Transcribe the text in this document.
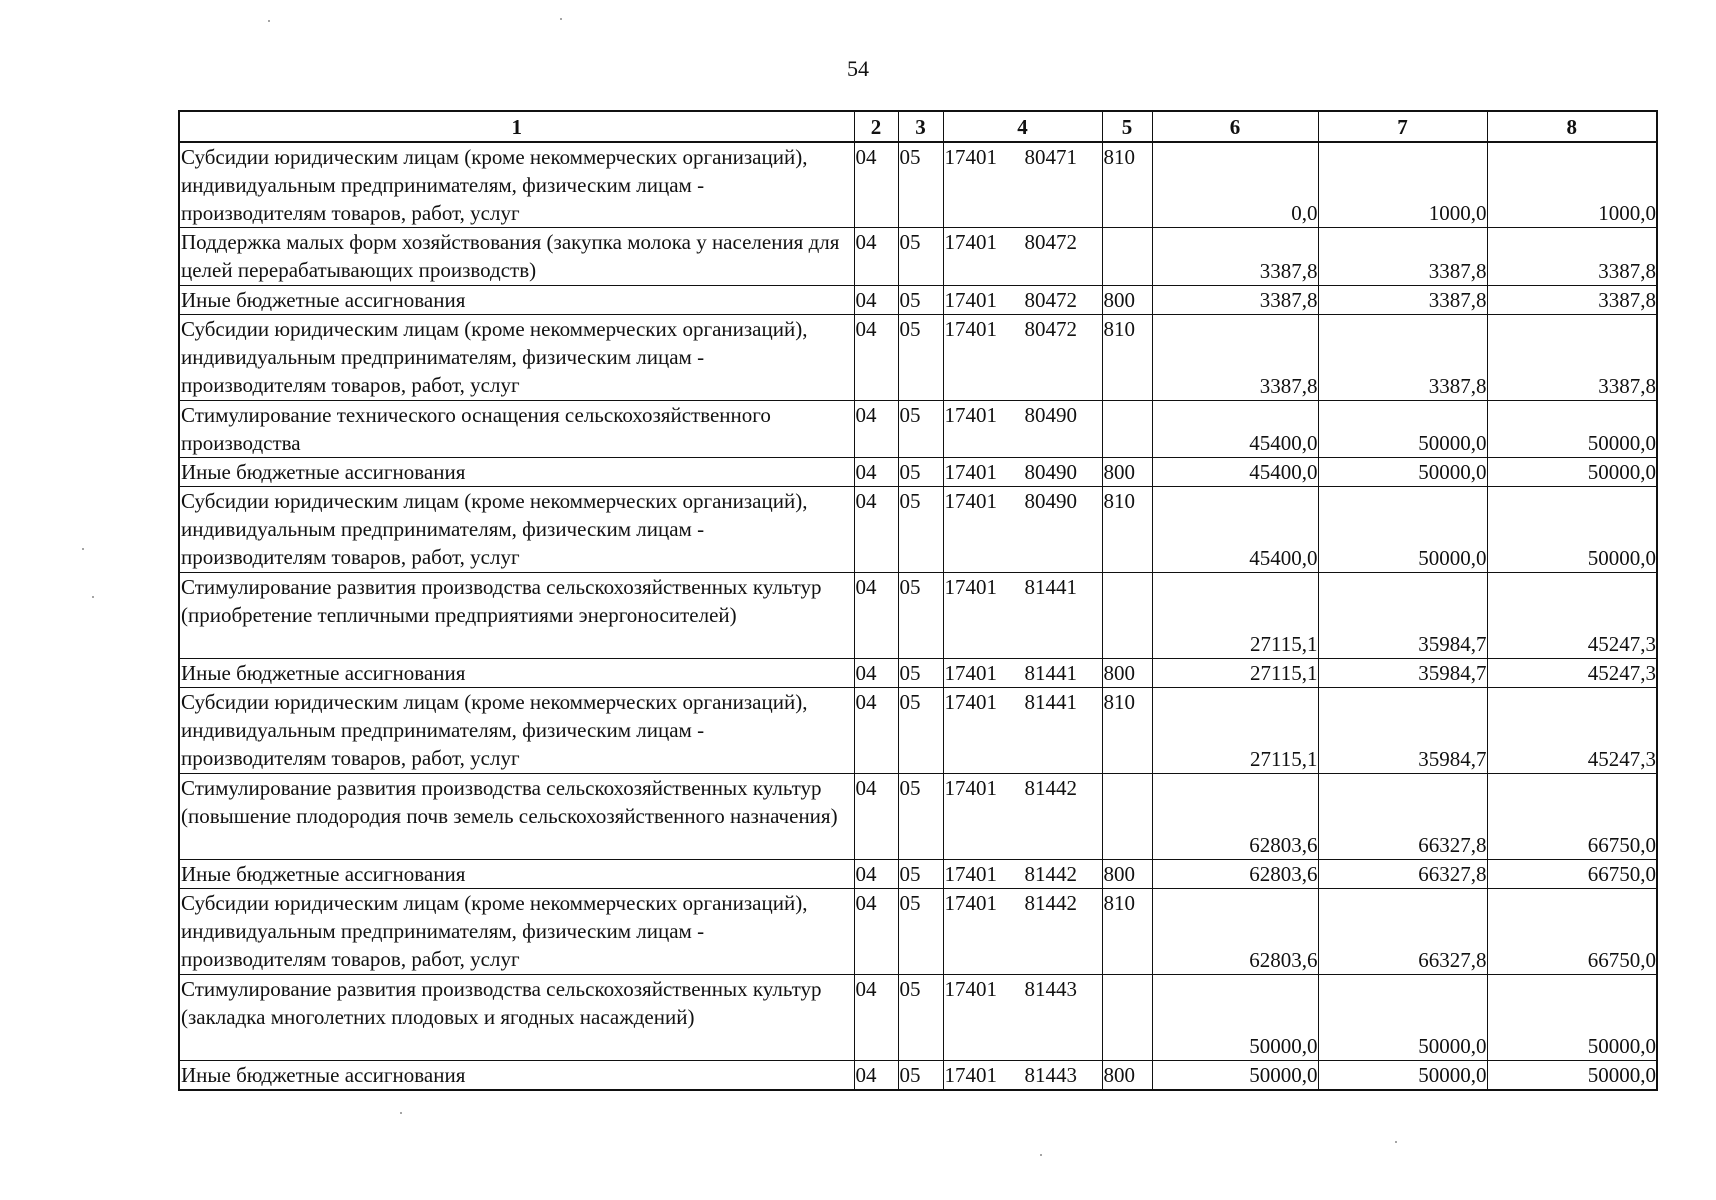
54
1	2	3	4	5	6	7	8
Субсидии юридическим лицам (кроме некоммерческих организаций), индивидуальным предпринимателям, физическим лицам - производителям товаров, работ, услуг	04	05	17401 80471	810	0,0	1000,0	1000,0
Поддержка малых форм хозяйствования (закупка молока у населения для целей перерабатывающих производств)	04	05	17401 80472		3387,8	3387,8	3387,8
Иные бюджетные ассигнования	04	05	17401 80472	800	3387,8	3387,8	3387,8
Субсидии юридическим лицам (кроме некоммерческих организаций), индивидуальным предпринимателям, физическим лицам - производителям товаров, работ, услуг	04	05	17401 80472	810	3387,8	3387,8	3387,8
Стимулирование технического оснащения сельскохозяйственного производства	04	05	17401 80490		45400,0	50000,0	50000,0
Иные бюджетные ассигнования	04	05	17401 80490	800	45400,0	50000,0	50000,0
Субсидии юридическим лицам (кроме некоммерческих организаций), индивидуальным предпринимателям, физическим лицам - производителям товаров, работ, услуг	04	05	17401 80490	810	45400,0	50000,0	50000,0
Стимулирование развития производства сельскохозяйственных культур (приобретение тепличными предприятиями энергоносителей)	04	05	17401 81441		27115,1	35984,7	45247,3
Иные бюджетные ассигнования	04	05	17401 81441	800	27115,1	35984,7	45247,3
Субсидии юридическим лицам (кроме некоммерческих организаций), индивидуальным предпринимателям, физическим лицам - производителям товаров, работ, услуг	04	05	17401 81441	810	27115,1	35984,7	45247,3
Стимулирование развития производства сельскохозяйственных культур (повышение плодородия почв земель сельскохозяйственного назначения)	04	05	17401 81442		62803,6	66327,8	66750,0
Иные бюджетные ассигнования	04	05	17401 81442	800	62803,6	66327,8	66750,0
Субсидии юридическим лицам (кроме некоммерческих организаций), индивидуальным предпринимателям, физическим лицам - производителям товаров, работ, услуг	04	05	17401 81442	810	62803,6	66327,8	66750,0
Стимулирование развития производства сельскохозяйственных культур (закладка многолетних плодовых и ягодных насаждений)	04	05	17401 81443		50000,0	50000,0	50000,0
Иные бюджетные ассигнования	04	05	17401 81443	800	50000,0	50000,0	50000,0
